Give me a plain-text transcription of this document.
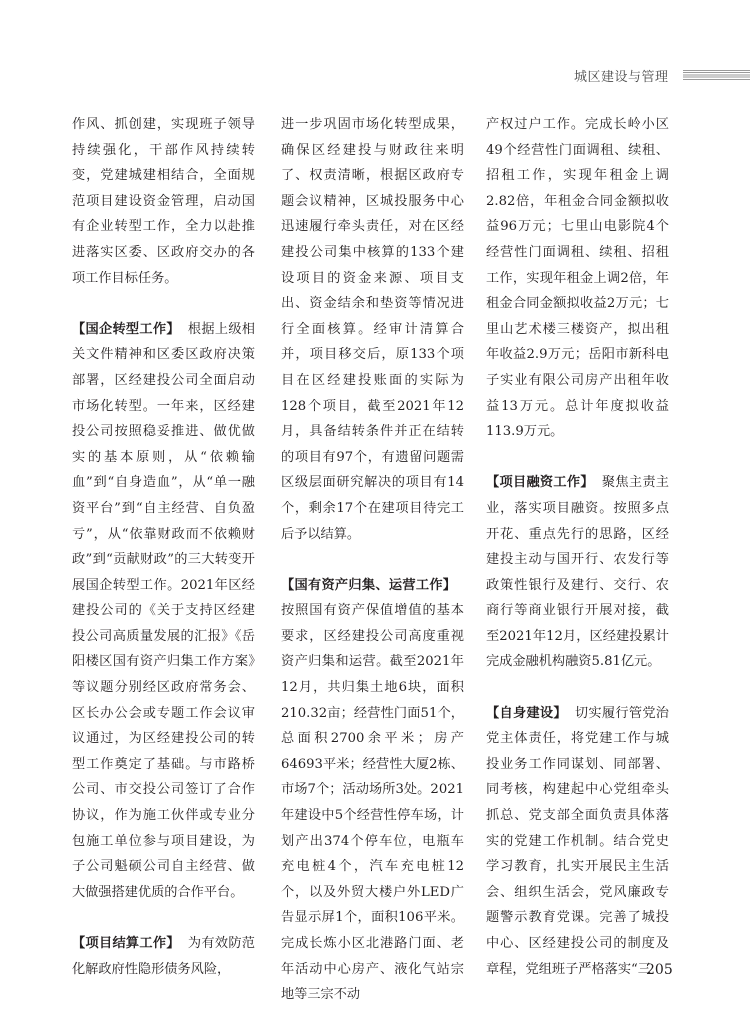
城区建设与管理

作风、抓创建，实现班子领导持续强化，干部作风持续转变，党建城建相结合，全面规范项目建设资金管理，启动国有企业转型工作，全力以赴推进落实区委、区政府交办的各项工作目标任务。

【国企转型工作】 根据上级相关文件精神和区委区政府决策部署，区经建投公司全面启动市场化转型。一年来，区经建投公司按照稳妥推进、做优做实的基本原则，从“依赖输血”到“自身造血”，从“单一融资平台”到“自主经营、自负盈亏”，从“依靠财政而不依赖财政”到“贡献财政”的三大转变开展国企转型工作。2021年区经建投公司的《关于支持区经建投公司高质量发展的汇报》《岳阳楼区国有资产归集工作方案》等议题分别经区政府常务会、区长办公会或专题工作会议审议通过，为区经建投公司的转型工作奠定了基础。与市路桥公司、市交投公司签订了合作协议，作为施工伙伴或专业分包施工单位参与项目建设，为子公司魁硕公司自主经营、做大做强搭建优质的合作平台。

【项目结算工作】 为有效防范化解政府性隐形债务风险，

进一步巩固市场化转型成果，确保区经建投与财政往来明了、权责清晰，根据区政府专题会议精神，区城投服务中心迅速履行牵头责任，对在区经建投公司集中核算的133个建设项目的资金来源、项目支出、资金结余和垫资等情况进行全面核算。经审计清算合并，项目移交后，原133个项目在区经建投账面的实际为128个项目，截至2021年12月，具备结转条件并正在结转的项目有97个，有遗留问题需区级层面研究解决的项目有14个，剩余17个在建项目待完工后予以结算。

【国有资产归集、运营工作】按照国有资产保值增值的基本要求，区经建投公司高度重视资产归集和运营。截至2021年12月，共归集土地6块，面积210.32亩；经营性门面51个，总面积2700余平米；房产64693平米；经营性大厦2栋、市场7个；活动场所3处。2021年建设中5个经营性停车场，计划产出374个停车位，电瓶车充电桩4个，汽车充电桩12个，以及外贸大楼户外LED广告显示屏1个，面积106平米。完成长炼小区北港路门面、老年活动中心房产、液化气站宗地等三宗不动

产权过户工作。完成长岭小区49个经营性门面调租、续租、招租工作，实现年租金上调2.82倍，年租金合同金额拟收益96万元；七里山电影院4个经营性门面调租、续租、招租工作，实现年租金上调2倍，年租金合同金额拟收益2万元；七里山艺术楼三楼资产，拟出租年收益2.9万元；岳阳市新科电子实业有限公司房产出租年收益13万元。总计年度拟收益113.9万元。

【项目融资工作】 聚焦主责主业，落实项目融资。按照多点开花、重点先行的思路，区经建投主动与国开行、农发行等政策性银行及建行、交行、农商行等商业银行开展对接，截至2021年12月，区经建投累计完成金融机构融资5.81亿元。

【自身建设】 切实履行管党治党主体责任，将党建工作与城投业务工作同谋划、同部署、同考核，构建起中心党组牵头抓总、党支部全面负责具体落实的党建工作机制。结合党史学习教育，扎实开展民主生活会、组织生活会，党风廉政专题警示教育党课。完善了城投中心、区经建投公司的制度及章程，党组班子严格落实“三

205
